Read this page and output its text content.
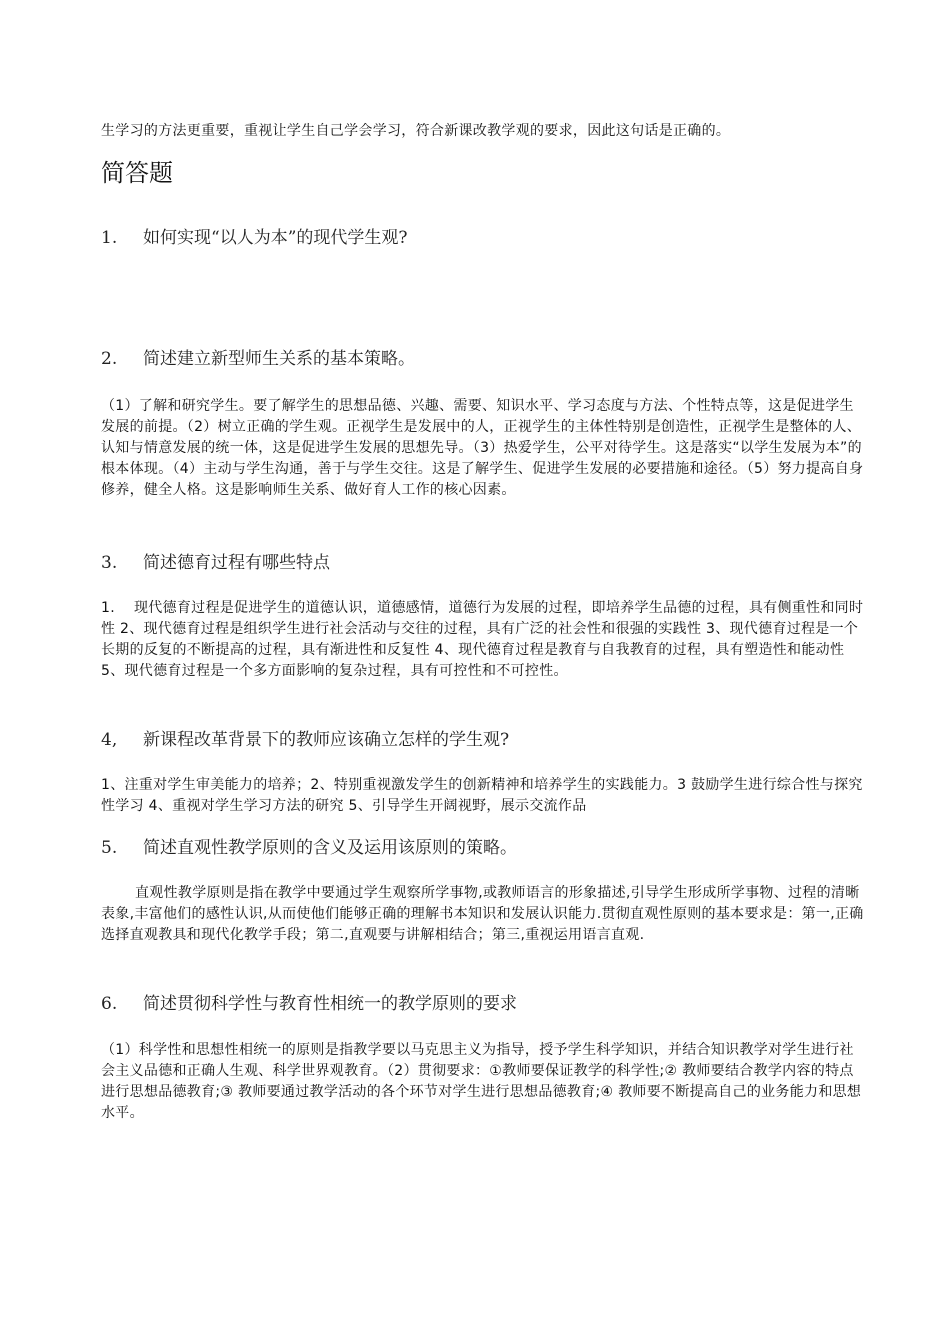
生学习的方法更重要，重视让学生自己学会学习，符合新课改教学观的要求，因此这句话是正确的。

简答题

1. 如何实现“以人为本”的现代学生观?

2. 简述建立新型师生关系的基本策略。

（1）了解和研究学生。要了解学生的思想品德、兴趣、需要、知识水平、学习态度与方法、个性特点等，这是促进学生发展的前提。（2）树立正确的学生观。正视学生是发展中的人，正视学生的主体性特别是创造性，正视学生是整体的人、认知与情意发展的统一体，这是促进学生发展的思想先导。（3）热爱学生，公平对待学生。这是落实“以学生发展为本”的根本体现。（4）主动与学生沟通，善于与学生交往。这是了解学生、促进学生发展的必要措施和途径。（5）努力提高自身修养，健全人格。这是影响师生关系、做好育人工作的核心因素。

3. 简述德育过程有哪些特点

1.    现代德育过程是促进学生的道德认识，道德感情，道德行为发展的过程，即培养学生品德的过程，具有侧重性和同时性 2、现代德育过程是组织学生进行社会活动与交往的过程，具有广泛的社会性和很强的实践性 3、现代德育过程是一个长期的反复的不断提高的过程，具有渐进性和反复性 4、现代德育过程是教育与自我教育的过程，具有塑造性和能动性 5、现代德育过程是一个多方面影响的复杂过程，具有可控性和不可控性。

4, 新课程改革背景下的教师应该确立怎样的学生观?

1、注重对学生审美能力的培养；2、特别重视激发学生的创新精神和培养学生的实践能力。3 鼓励学生进行综合性与探究性学习 4、重视对学生学习方法的研究 5、引导学生开阔视野，展示交流作品

5. 简述直观性教学原则的含义及运用该原则的策略。

直观性教学原则是指在教学中要通过学生观察所学事物,或教师语言的形象描述,引导学生形成所学事物、过程的清晰表象,丰富他们的感性认识,从而使他们能够正确的理解书本知识和发展认识能力.贯彻直观性原则的基本要求是：第一,正确选择直观教具和现代化教学手段；第二,直观要与讲解相结合；第三,重视运用语言直观.

6. 简述贯彻科学性与教育性相统一的教学原则的要求

（1）科学性和思想性相统一的原则是指教学要以马克思主义为指导，授予学生科学知识，并结合知识教学对学生进行社会主义品德和正确人生观、科学世界观教育。（2）贯彻要求：①教师要保证教学的科学性;② 教师要结合教学内容的特点进行思想品德教育;③ 教师要通过教学活动的各个环节对学生进行思想品德教育;④ 教师要不断提高自己的业务能力和思想水平。
